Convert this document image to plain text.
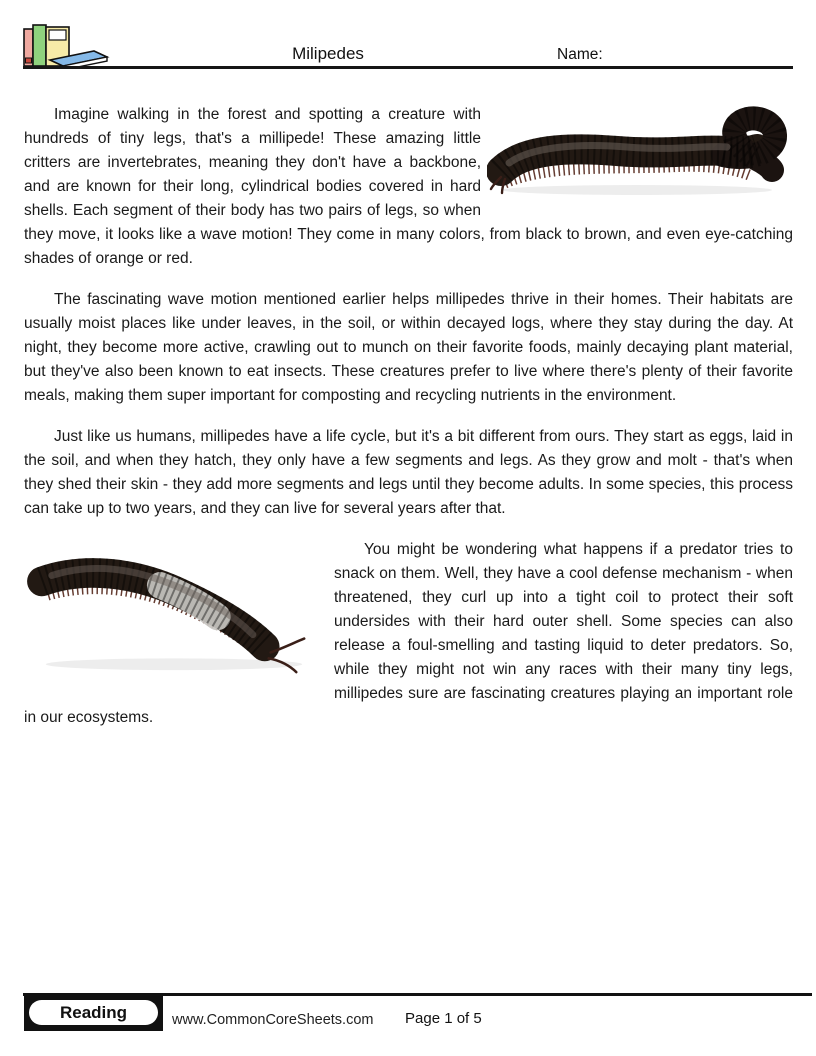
Milipedes	Name:
Imagine walking in the forest and spotting a creature with hundreds of tiny legs, that's a millipede! These amazing little critters are invertebrates, meaning they don't have a backbone, and are known for their long, cylindrical bodies covered in hard shells. Each segment of their body has two pairs of legs, so when they move, it looks like a wave motion! They come in many colors, from black to brown, and even eye-catching shades of orange or red.
The fascinating wave motion mentioned earlier helps millipedes thrive in their homes. Their habitats are usually moist places like under leaves, in the soil, or within decayed logs, where they stay during the day. At night, they become more active, crawling out to munch on their favorite foods, mainly decaying plant material, but they've also been known to eat insects. These creatures prefer to live where there's plenty of their favorite meals, making them super important for composting and recycling nutrients in the environment.
Just like us humans, millipedes have a life cycle, but it's a bit different from ours. They start as eggs, laid in the soil, and when they hatch, they only have a few segments and legs. As they grow and molt - that's when they shed their skin - they add more segments and legs until they become adults. In some species, this process can take up to two years, and they can live for several years after that.
You might be wondering what happens if a predator tries to snack on them. Well, they have a cool defense mechanism - when threatened, they curl up into a tight coil to protect their soft undersides with their hard outer shell. Some species can also release a foul-smelling and tasting liquid to deter predators. So, while they might not win any races with their many tiny legs, millipedes sure are fascinating creatures playing an important role in our ecosystems.
Reading	www.CommonCoreSheets.com Page 1 of 5
